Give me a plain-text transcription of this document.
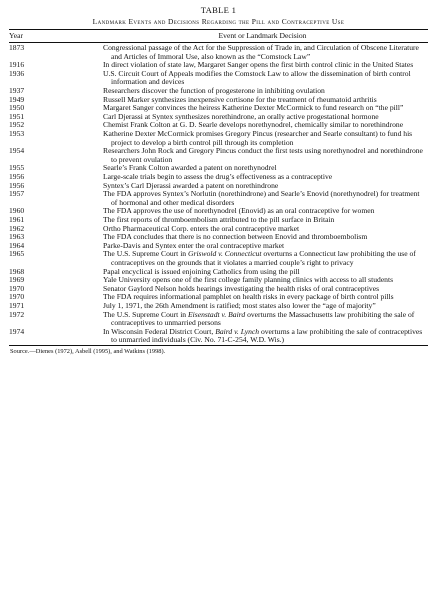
TABLE 1

Landmark Events and Decisions Regarding the Pill and Contraceptive Use

Year	Event or Landmark Decision
1873	Congressional passage of the Act for the Suppression of Trade in, and Circulation of Obscene Literature and Articles of Immoral Use, also known as the “Comstock Law”
1916	In direct violation of state law, Margaret Sanger opens the first birth control clinic in the United States
1936	U.S. Circuit Court of Appeals modifies the Comstock Law to allow the dissemination of birth control information and devices
1937	Researchers discover the function of progesterone in inhibiting ovulation
1949	Russell Marker synthesizes inexpensive cortisone for the treatment of rheumatoid arthritis
1950	Margaret Sanger convinces the heiress Katherine Dexter McCormick to fund research on “the pill”
1951	Carl Djerassi at Syntex synthesizes norethindrone, an orally active progestational hormone
1952	Chemist Frank Colton at G. D. Searle develops norethynodrel, chemically similar to norethindrone
1953	Katherine Dexter McCormick promises Gregory Pincus (researcher and Searle consultant) to fund his project to develop a birth control pill through its completion
1954	Researchers John Rock and Gregory Pincus conduct the first tests using norethynodrel and norethindrone to prevent ovulation
1955	Searle’s Frank Colton awarded a patent on norethynodrel
1956	Large-scale trials begin to assess the drug’s effectiveness as a contraceptive
1956	Syntex’s Carl Djerassi awarded a patent on norethindrone
1957	The FDA approves Syntex’s Norlutin (norethindrone) and Searle’s Enovid (norethynodrel) for treatment of hormonal and other medical disorders
1960	The FDA approves the use of norethynodrel (Enovid) as an oral contraceptive for women
1961	The first reports of thromboembolism attributed to the pill surface in Britain
1962	Ortho Pharmaceutical Corp. enters the oral contraceptive market
1963	The FDA concludes that there is no connection between Enovid and thromboembolism
1964	Parke-Davis and Syntex enter the oral contraceptive market
1965	The U.S. Supreme Court in Griswold v. Connecticut overturns a Connecticut law prohibiting the use of contraceptives on the grounds that it violates a married couple’s right to privacy
1968	Papal encyclical is issued enjoining Catholics from using the pill
1969	Yale University opens one of the first college family planning clinics with access to all students
1970	Senator Gaylord Nelson holds hearings investigating the health risks of oral contraceptives
1970	The FDA requires informational pamphlet on health risks in every package of birth control pills
1971	July 1, 1971, the 26th Amendment is ratified; most states also lower the “age of majority”
1972	The U.S. Supreme Court in Eisenstadt v. Baird overturns the Massachusetts law prohibiting the sale of contraceptives to unmarried persons
1974	In Wisconsin Federal District Court, Baird v. Lynch overturns a law prohibiting the sale of contraceptives to unmarried individuals (Civ. No. 71-C-254, W.D. Wis.)
Source.—Dienes (1972), Asbell (1995), and Watkins (1998).
